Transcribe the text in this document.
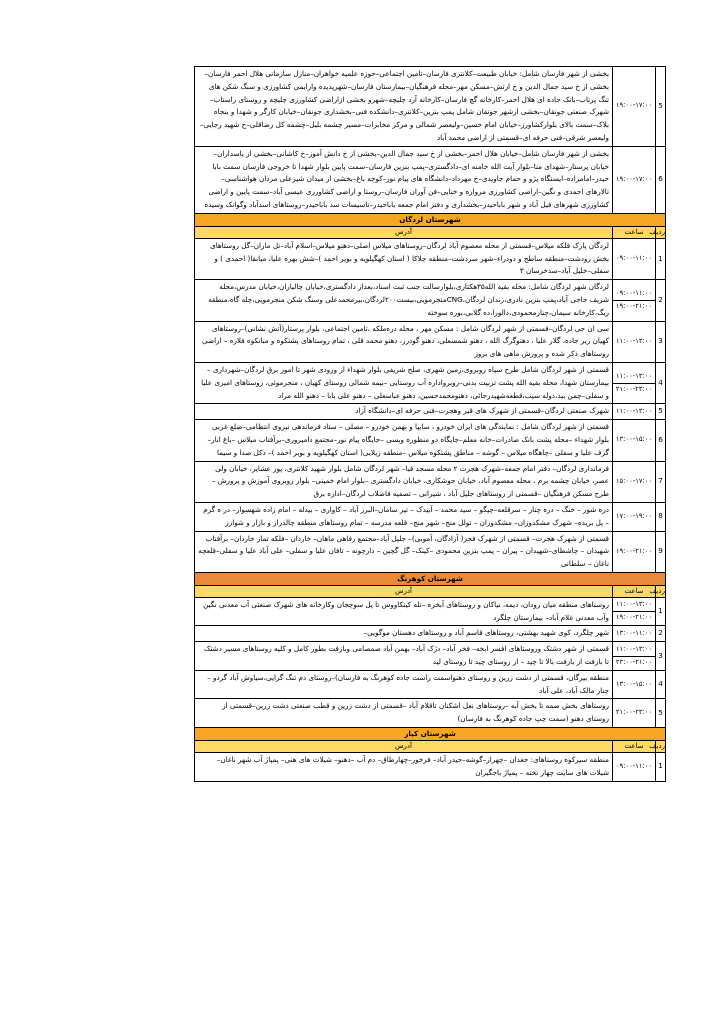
5	۱۹:۰۰-۱۷:۰۰	بخشی از شهر فارسان شامل: خیابان طبیعت–کلانتری فارسان–تامین اجتماعی–حوزه علمیه خواهران–منازل سازمانی هلال احمر فارسان–بخشی از خ سید جمال الدین و خ ارتش–مسکن مهر–محله فرهنگیان–بیمارستان فارسان–شهرپدیده وارایمی کشاورزی و سنگ شکن های تنگ پرتاب–بانک جاده ای هلال احمر–کارخانه گچ فارسان–کارخانه آرد چلیچه–شهرو بخشی ازاراضی کشاورزی چلیچه و روستای راستاب–شهرک صنعتی جونقان–بخشی ازشهر جونقان شامل پمپ بنزین–کلانتری–دانشکده فنی–بخشداری جونقان–خیابان کارگر و شهدا و بنجاه بلاک–سمت بالای بلوارکشاورز–خیابان امام حسین–ولیعصر شمالی و مرکز مخابرات–مسیر چشمه بلیل–چشمه کل رضاقلی–خ شهید رجایی–ولیعصر شرقی–فنی حرفه ای–قسمتی از اراضی محمد آباد
6	۱۹:۰۰-۱۷:۰۰	بخشی از شهر فارسان شامل–خیابان هلال احمر–بخشی از خ سید جمال الدین–بخشی از خ دانش آموز–خ کاشانی–بخشی از یاسداران–خیابان پرستار–شهدای منا–بلوار آیت الله خامنه ای–دادگستری–پمپ بنزین فارسان–سمت پایین بلوار شهدا تا خروجی فارسان سمت بابا حیدر–امامزاده–ایستگاه پژو و حمام جاویدی–خ مهرداد–دانشگاه های پیام نور–کوچه باغ–بخشی از میدان شیرعلی مردان هواشناسی–تالارهای احمدی و نگین–اراضی کشاورزی مرواره و خنایی–فن آوران فارسان–روستا و اراضی کشاورزی عیسی آباد–سمت پایین و اراضی کشاورزی شهرهای فیل آباد و شهر باباحیدر–بخشداری و دفتر امام جمعه باباحیدر–تاسیسات سد باباحیدر–روستاهای اسدآباد وگوانک وسیده
شهرستان لردگان		
ردیف	ساعت	آدرس
1	۰۹:۰۰-۱۱:۰۰	لردگان پارک فلکه میلاس–قسمتی از محله معصوم آباد لردگان–روستاهای میلاس اصلی–دهنو میلاس–اسلام آباد–تل ماران–گل روستاهای بخش رودشت–منطقه ساطح و دودراء–شهر سردشت–منطقه چلاکا ( استان کهگیلویه و بویر احمد )–شش بهره علیا، مبانقا( احمدی ) و سفلی–خلیل آباد–سدخرسان ۳
2	۰۹:۰۰-۱۱:۰۰
۱۹:۰۰-۲۱:۰۰	لردگان شهر لردگان شامل: محله بقیه الله۳۵هکتاری،بلوارسالت جنب ثبت اسناد،بعداز دادگستری،خیابان چالیازان،خیابان مدرس،محله شریف حاجی آباد،پمپ بنزین نادری،زندان لردگان،CNGمنجرمویی،بیست۲۰۰لردگان،بیرمحمدعلی وسنگ شکن منجرمویی،چله گاه،منطقه ریگ،کارخانه سیمان،چنارمحمودی،دالورا،ده گلابی،بوره سوخته
3	۱۱:۰۰-۱۳:۰۰	سی ان جی لردگان–قسمتی از شهر لردگان شامل : مسکن مهر ، محله دره‌ملکه ،تامین اجتماعی، بلوار پرستار(آتش نشانی)–روستاهای کهیان زیر جاده، گلار علیا ، دهنوگرگ الله ، دهنو شمسعلی، دهنو گودرز، دهنو محمد قلی ، تمام روستاهای پشتکوه و مبانکوه فلاره – اراضی روستاهای ذکر شده و پرورش ماهی های بروز
4	۱۱:۰۰-۱۳:۰۰
۲۱:۰۰-۲۳:۰۰	قسمتی از شهر لردگان شامل طرح سیاه روبروی،زمین شهری، صلح شریفی بلوار شهداء از ورودی شهر تا امور برق لردگان–شهرداری – بیمارستان شهدا، محله بقیه الله پشت تربیت بدنی–روبرواداره آب روستایی –نیمه شمالی روستای کهیان ، منجرموئی، روستاهای امیری علیا و سفلی–چمن بید،دوله سیب،قطعه‌شهیدرجائی، دهنومحمدحسین، دهنو عباسعلی – دهنو علی بابا – دهنو الله مراد
5	۱۱:۰۰-۱۳:۰۰	شهرک صنعتی لردگان–قسمتی از شهرک های قیر وهجرت–فنی حرفه ای–دانشگاه آزاد
6	۱۳:۰۰-۱۵:۰۰	قسمتی از شهر لردگان شامل : نمایندگی های ایران خودرو ، سایپا و بهمن خودرو – مصلی – ستاد فرماندهی نیروی انتظامی–ضلع غربی بلوار شهداء –محله پشت بانک صادرات–خانه معلم–جایگاه دو منظوره ویسی –جایگاه پیام نور–مجتمع دامپروری–بر‌آفتاب میلاس –باغ انار–گرف علیا و سفلی –چاهگاه میلاس – گوشه – مناطق پشتکوه میلاس –منطقه زیلایی( استان کهگیلویه و بویر احمد )– دکل صدا و سیما
7	۱۵:۰۰-۱۷:۰۰	فرمانداری لردگان– دفتر امام جمعه–شهرک هجرت ۲ محله مسجد قبا– شهر لردگان شامل بلوار شهید کلانتری، پور عشایر، خیابان ولی عصر، خیابان چشمه برم ، محله معصوم آباد، خیابان جوشکاری، خیابان دادگستری –بلوار امام خمینی– بلوار روبروی آموزش و پرورش –طرح مسکن فرهنگیان –قسمتی از روستاهای جلیل آباد ، شیرانی – تصفیه فاضلاب لردگان–اداره برق
8	۱۷:۰۰-۱۹:۰۰	دره شور – خنگ – دره چنار – سرقلعه–چیگو – سید محمد – آبیدک – تیر سامان–البرز آباد – کاواری – بیدله – امام زاده شهسوار– در ه گرم – پل بریده– شهرک مشکدوزان– مشکدوزان – تولل منج– شهر منج– قلعه مدرسه – تمام روستاهای منطقه چالدراز و بازار و شوارز
9	۱۹:۰۰-۲۱:۰۰	قسمتی از شهرک هجرت– قسمتی از شهرک فجر( آزادگان، آموبی)– جلیل آباد–مجتمع رفاهی ماهان– خاردان –فلکه تماز خاردان– برآفتاب شهیدان – چاشطای–شهیدان – پیران – پمپ بنزین محمودی –کینک– گل گچین – دارچونه – تافان علیا و سفلی– علی آباد علیا و سفلی–قلعچه ناغان – سلطانی
شهرستان کوهرنگ		
ردیف	ساعت	آدرس
1	۱۱:۰۰-۱۳:۰۰
۱۹:۰۰-۲۱:۰۰	روستاهای منطقه میان رودان، دیمه، نیاکان و روستاهای آبخره –تله کینکاووس تا پل سوچجان وکارخانه های شهرک صنعتی آب معدنی نگین وآب معدنی غلام آباد– بیمارستان چلگرد
2	۱۳:۰۰-۱۱:۰۰	شهر چلگرد، کوی شهید بهشتی، روستاهای قاسم آباد و روستاهای دهستان موگویی–
3	۱۱:۰۰-۱۳:۰۰
۲۳:۰۰-۲۱:۰۰	قسمتی از شهر دشتک وروستاهای افسر ابخه– فخر آباد– دژک آباد– بهمن آباد صمصامی وبازفت بطور کامل و کلیه روستاهای مسیر دشتک تا بازفت از بازفت بالا تا چید – از روستای چید تا روستای لید
4	۱۳:۰۰-۱۵:۰۰	منطقه بیرگان، قسمتی از دشت زرین و روستای دهنواسمت راست جاده کوهرنگ به فارسان)–روستای دم تنگ گرایی،سیاوش آباد گردو –چنار مالک آباد، علی آباد
5	۲۱:۰۰-۲۳:۰۰	روستاهای بخش صمه تا بخش آبه –روستاهای نعل اشکنان تاقلام آباد –قسمتی از دشت زرین و قطب صنعتی دشت زرین–قسمتی از روستای دهنو (سمت چپ جاده کوهرنگ به فارسان)
شهرستان کیار		
ردیف	ساعت	آدرس
1	۰۹:۰۰-۱۱:۰۰	منطقه سیزکوه روستاهای: جغدان –چهراز–گوشه–حیدر آباد– فرخور–چهارطاق– دم آب –دهنو– شیلات های هنی– پمپاژ آب شهر ناغان– شیلات های سایت چهار تخته – پمپاژ باجگیران
